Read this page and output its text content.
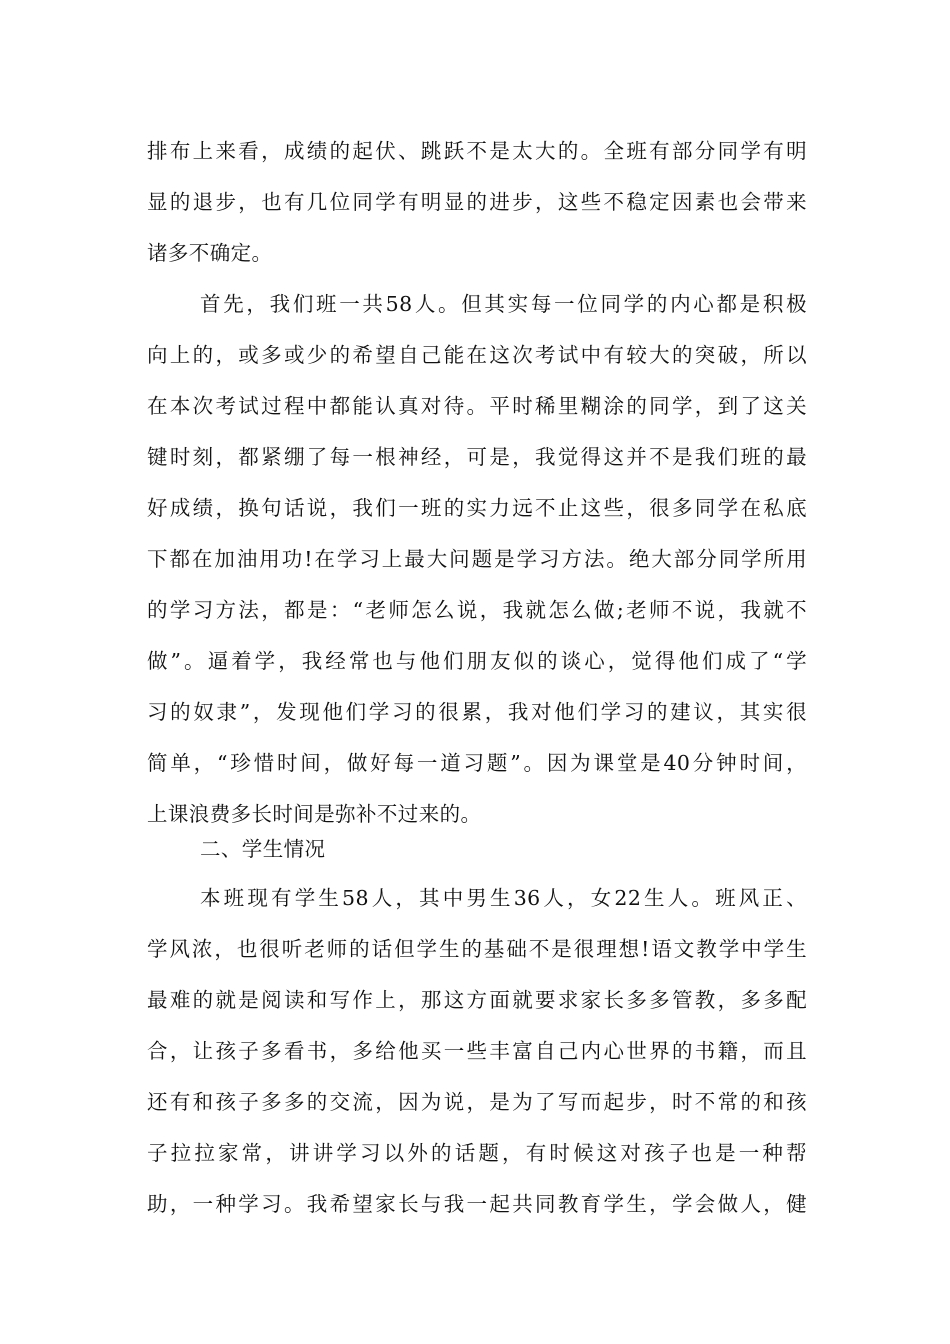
排布上来看，成绩的起伏、跳跃不是太大的。全班有部分同学有明
显的退步，也有几位同学有明显的进步，这些不稳定因素也会带来
诸多不确定。
首先，我们班一共58人。但其实每一位同学的内心都是积极
向上的，或多或少的希望自己能在这次考试中有较大的突破，所以
在本次考试过程中都能认真对待。平时稀里糊涂的同学，到了这关
键时刻，都紧绷了每一根神经，可是，我觉得这并不是我们班的最
好成绩，换句话说，我们一班的实力远不止这些，很多同学在私底
下都在加油用功!在学习上最大问题是学习方法。绝大部分同学所用
的学习方法，都是：“老师怎么说，我就怎么做;老师不说，我就不
做”。逼着学，我经常也与他们朋友似的谈心，觉得他们成了“学
习的奴隶”，发现他们学习的很累，我对他们学习的建议，其实很
简单，“珍惜时间，做好每一道习题”。因为课堂是40分钟时间，
上课浪费多长时间是弥补不过来的。
二、学生情况
本班现有学生58人，其中男生36人，女22生人。班风正、
学风浓，也很听老师的话但学生的基础不是很理想!语文教学中学生
最难的就是阅读和写作上，那这方面就要求家长多多管教，多多配
合，让孩子多看书，多给他买一些丰富自己内心世界的书籍，而且
还有和孩子多多的交流，因为说，是为了写而起步，时不常的和孩
子拉拉家常，讲讲学习以外的话题，有时候这对孩子也是一种帮
助，一种学习。我希望家长与我一起共同教育学生，学会做人，健
